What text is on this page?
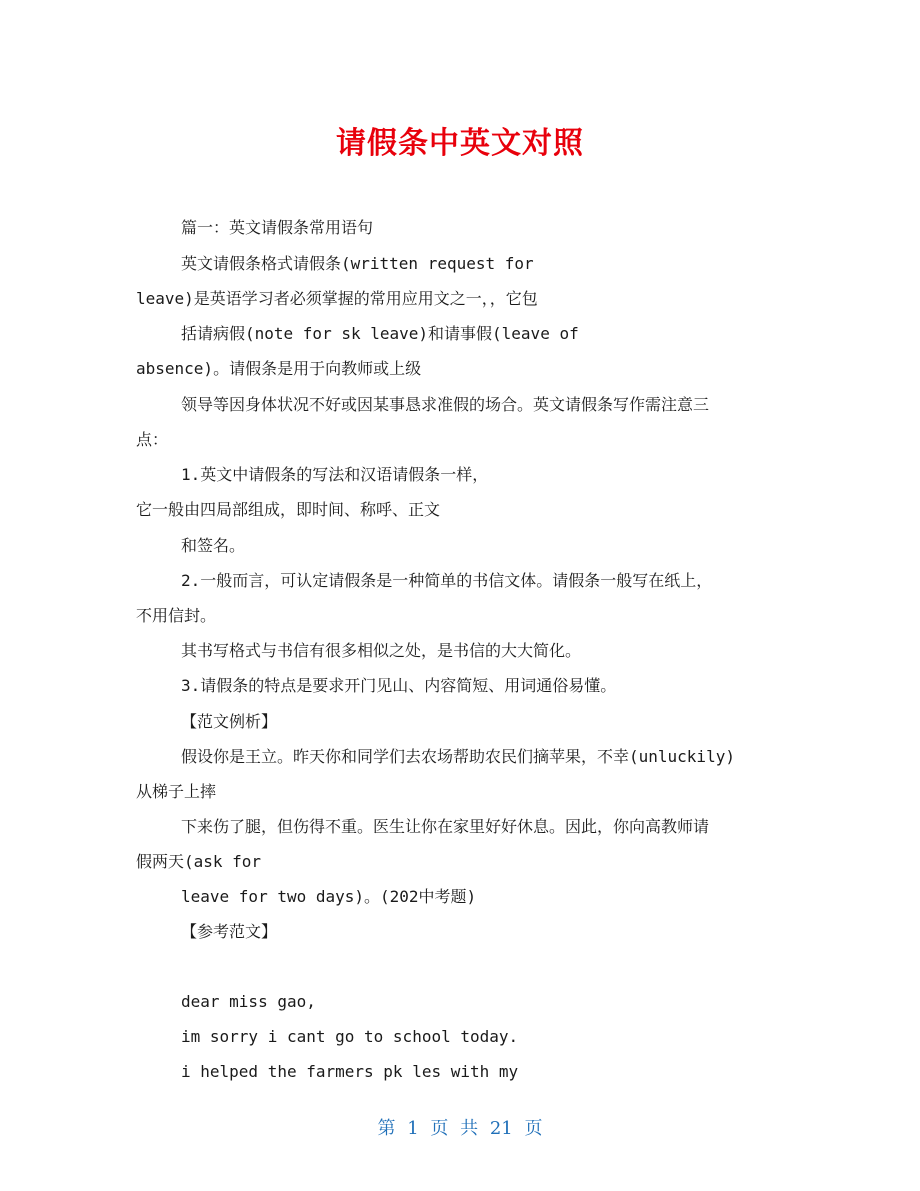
请假条中英文对照
篇一：英文请假条常用语句
英文请假条格式请假条(written request for
leave)是英语学习者必须掌握的常用应用文之一，，它包
括请病假(note for sk leave)和请事假(leave of
absence)。请假条是用于向教师或上级
领导等因身体状况不好或因某事恳求准假的场合。英文请假条写作需注意三
点：
1.英文中请假条的写法和汉语请假条一样，
它一般由四局部组成，即时间、称呼、正文
和签名。
2.一般而言，可认定请假条是一种简单的书信文体。请假条一般写在纸上，
不用信封。
其书写格式与书信有很多相似之处，是书信的大大简化。
3.请假条的特点是要求开门见山、内容简短、用词通俗易懂。
【范文例析】
假设你是王立。昨天你和同学们去农场帮助农民们摘苹果，不幸(unluckily)
从梯子上摔
下来伤了腿，但伤得不重。医生让你在家里好好休息。因此，你向高教师请
假两天(ask for
leave for two days)。(202中考题)
【参考范文】
dear miss gao,
im sorry i cant go to school today.
i helped the farmers pk les with my
第 1 页 共 21 页
